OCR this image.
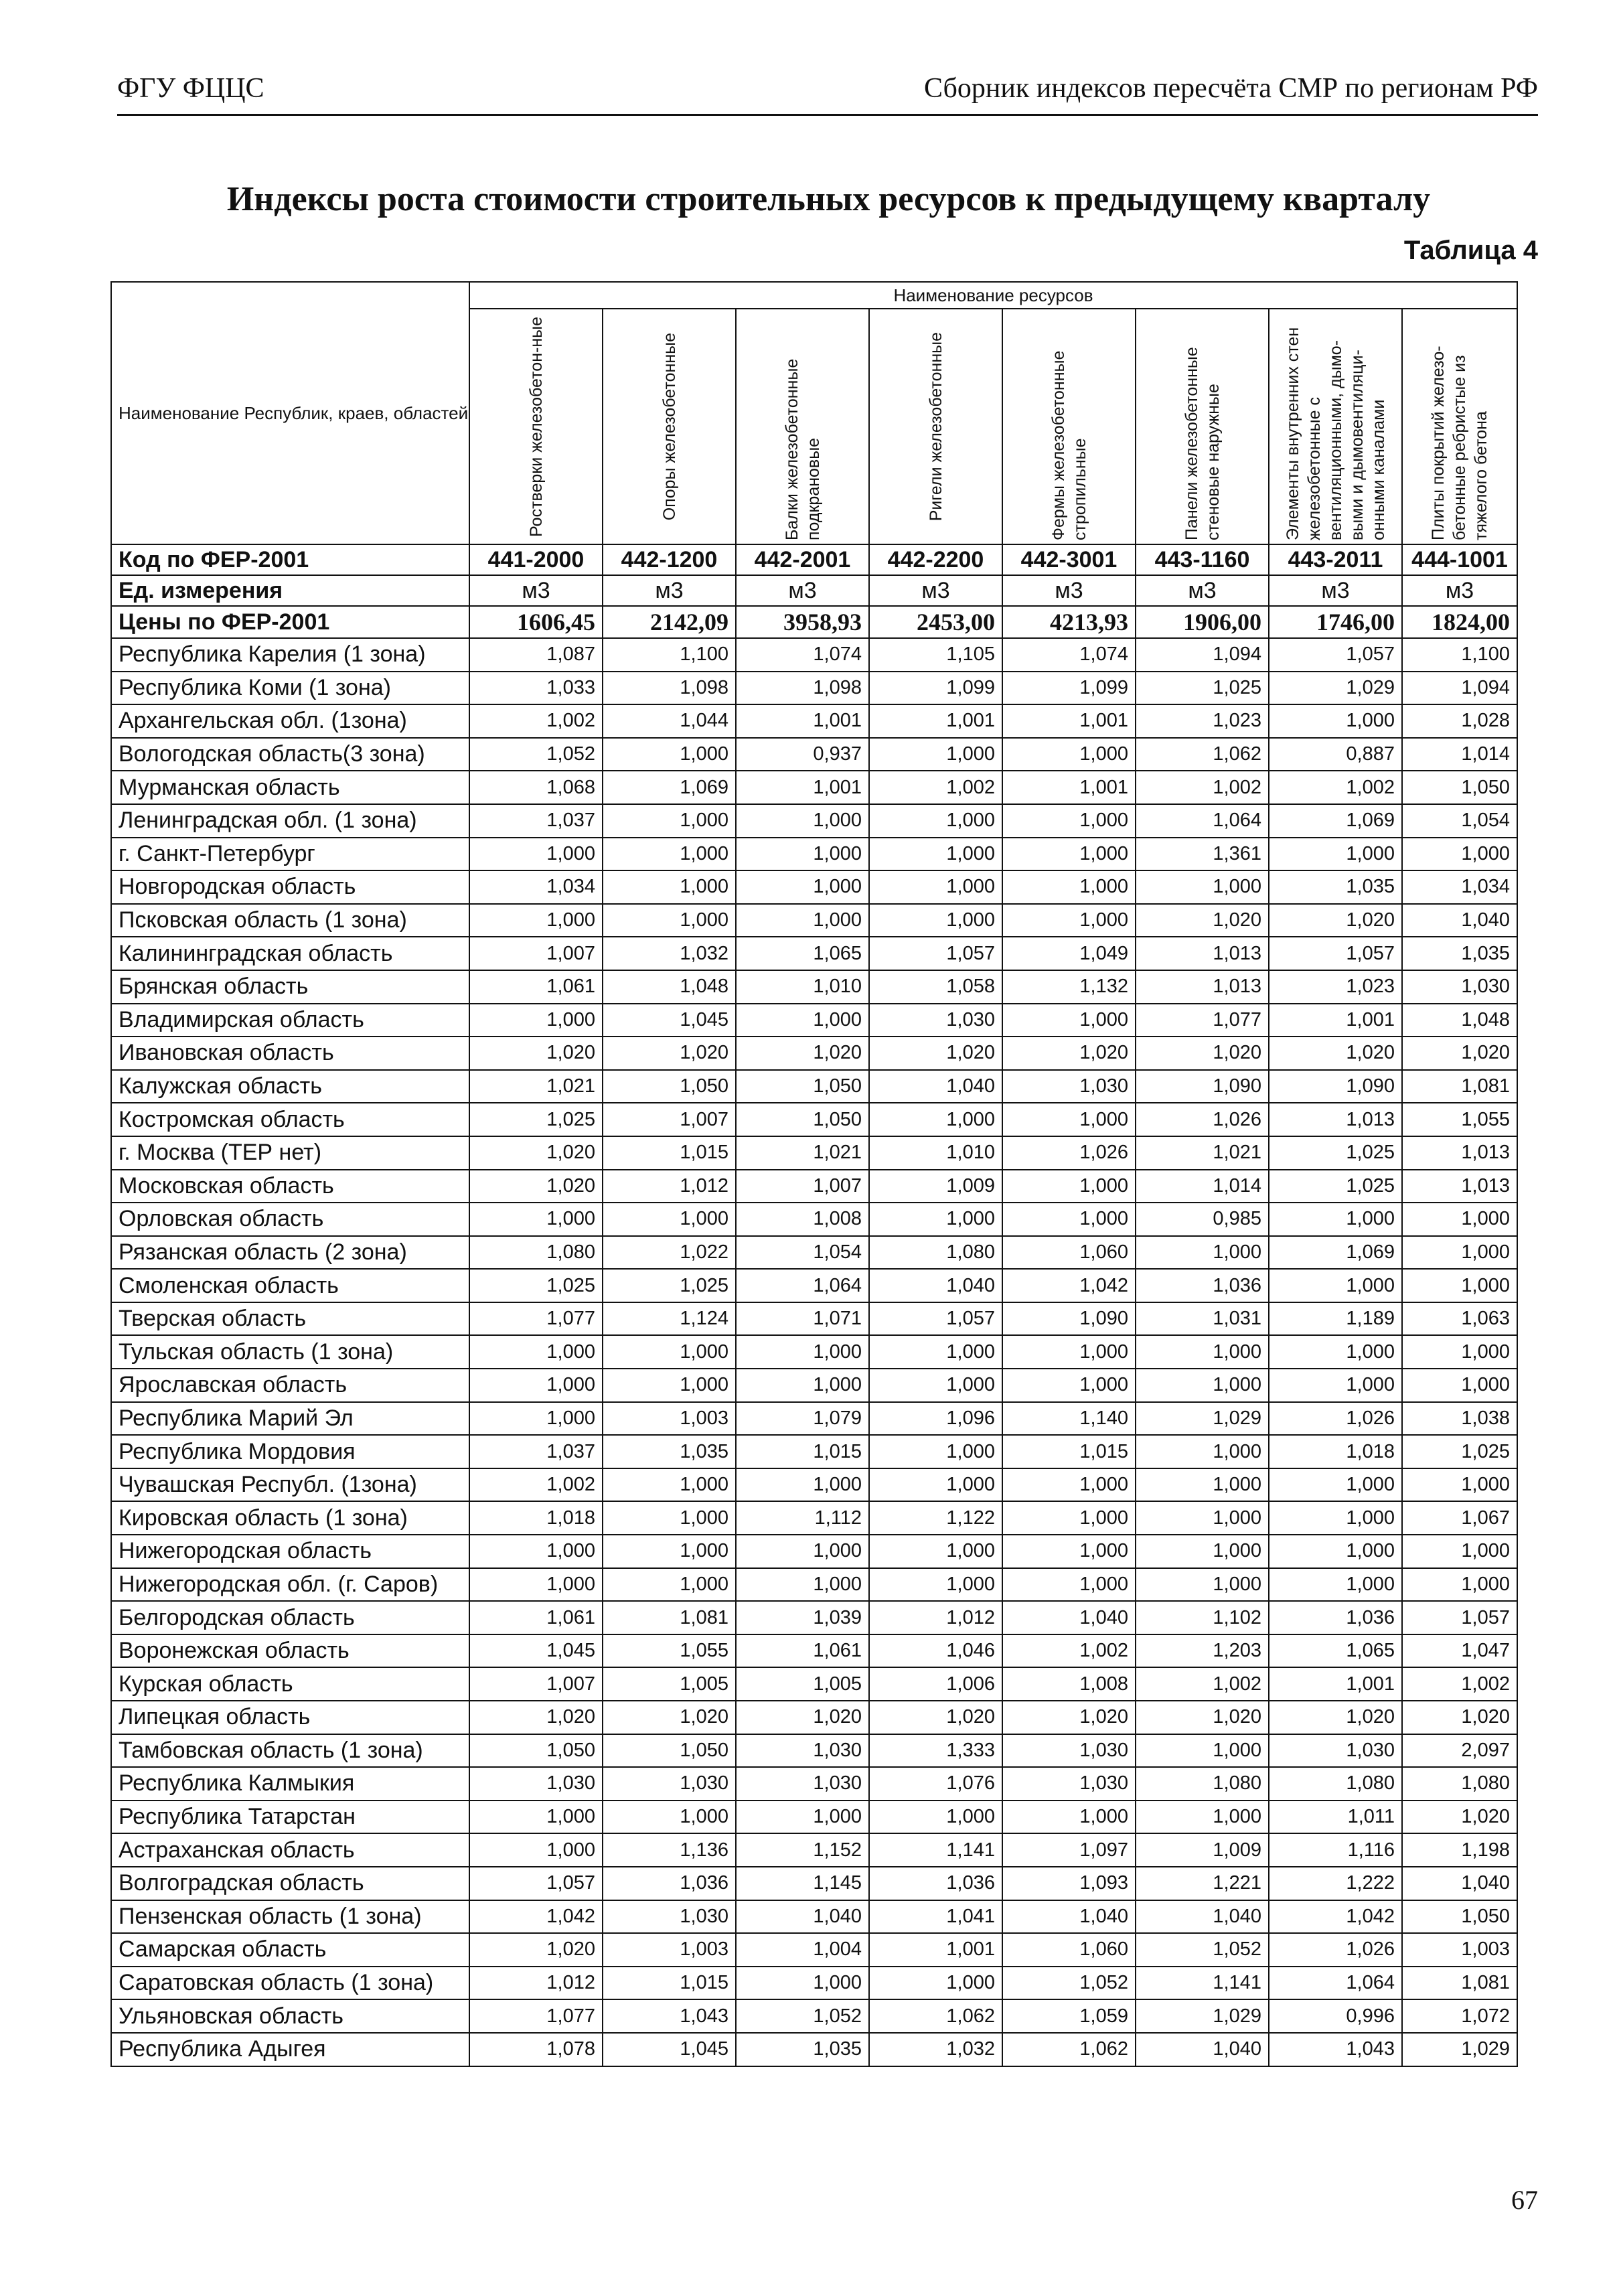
ФГУ ФЦЦС	Сборник индексов пересчёта СМР по регионам РФ
Индексы роста стоимости строительных ресурсов к предыдущему кварталу
Таблица 4
Наименование Республик, краев, областей	Наименование ресурсов							

	Ростверки железобетон-ные	Опоры железобетонные	Балки железобетонные подкрановые	Ригели железобетонные	Фермы железобетонные стропильные	Панели железобетонные стеновые наружные	Элементы внутренних стен железобетонные с вентиляционными, дымо-выми и дымовентиляци-онными каналами	Плиты покрытий железо-бетонные ребристые из тяжелого бетона

Код по ФЕР-2001	441-2000	442-1200	442-2001	442-2200	442-3001	443-1160	443-2011	444-1001
Ед. измерения	м3	м3	м3	м3	м3	м3	м3	м3
Цены по ФЕР-2001	1606,45	2142,09	3958,93	2453,00	4213,93	1906,00	1746,00	1824,00
Республика Карелия (1 зона)	1,087	1,100	1,074	1,105	1,074	1,094	1,057	1,100
Республика Коми (1 зона)	1,033	1,098	1,098	1,099	1,099	1,025	1,029	1,094
Архангельская обл. (1зона)	1,002	1,044	1,001	1,001	1,001	1,023	1,000	1,028
Вологодская область(3 зона)	1,052	1,000	0,937	1,000	1,000	1,062	0,887	1,014
Мурманская область	1,068	1,069	1,001	1,002	1,001	1,002	1,002	1,050
Ленинградская обл. (1 зона)	1,037	1,000	1,000	1,000	1,000	1,064	1,069	1,054
г. Санкт-Петербург	1,000	1,000	1,000	1,000	1,000	1,361	1,000	1,000
Новгородская область	1,034	1,000	1,000	1,000	1,000	1,000	1,035	1,034
Псковская область (1 зона)	1,000	1,000	1,000	1,000	1,000	1,020	1,020	1,040
Калининградская область	1,007	1,032	1,065	1,057	1,049	1,013	1,057	1,035
Брянская область	1,061	1,048	1,010	1,058	1,132	1,013	1,023	1,030
Владимирская область	1,000	1,045	1,000	1,030	1,000	1,077	1,001	1,048
Ивановская область	1,020	1,020	1,020	1,020	1,020	1,020	1,020	1,020
Калужская область	1,021	1,050	1,050	1,040	1,030	1,090	1,090	1,081
Костромская область	1,025	1,007	1,050	1,000	1,000	1,026	1,013	1,055
г. Москва (ТЕР нет)	1,020	1,015	1,021	1,010	1,026	1,021	1,025	1,013
Московская область	1,020	1,012	1,007	1,009	1,000	1,014	1,025	1,013
Орловская область	1,000	1,000	1,008	1,000	1,000	0,985	1,000	1,000
Рязанская область (2 зона)	1,080	1,022	1,054	1,080	1,060	1,000	1,069	1,000
Смоленская область	1,025	1,025	1,064	1,040	1,042	1,036	1,000	1,000
Тверская область	1,077	1,124	1,071	1,057	1,090	1,031	1,189	1,063
Тульская область (1 зона)	1,000	1,000	1,000	1,000	1,000	1,000	1,000	1,000
Ярославская область	1,000	1,000	1,000	1,000	1,000	1,000	1,000	1,000
Республика Марий Эл	1,000	1,003	1,079	1,096	1,140	1,029	1,026	1,038
Республика Мордовия	1,037	1,035	1,015	1,000	1,015	1,000	1,018	1,025
Чувашская Республ. (1зона)	1,002	1,000	1,000	1,000	1,000	1,000	1,000	1,000
Кировская область (1 зона)	1,018	1,000	1,112	1,122	1,000	1,000	1,000	1,067
Нижегородская область	1,000	1,000	1,000	1,000	1,000	1,000	1,000	1,000
Нижегородская обл. (г. Саров)	1,000	1,000	1,000	1,000	1,000	1,000	1,000	1,000
Белгородская область	1,061	1,081	1,039	1,012	1,040	1,102	1,036	1,057
Воронежская область	1,045	1,055	1,061	1,046	1,002	1,203	1,065	1,047
Курская область	1,007	1,005	1,005	1,006	1,008	1,002	1,001	1,002
Липецкая область	1,020	1,020	1,020	1,020	1,020	1,020	1,020	1,020
Тамбовская область (1 зона)	1,050	1,050	1,030	1,333	1,030	1,000	1,030	2,097
Республика Калмыкия	1,030	1,030	1,030	1,076	1,030	1,080	1,080	1,080
Республика Татарстан	1,000	1,000	1,000	1,000	1,000	1,000	1,011	1,020
Астраханская область	1,000	1,136	1,152	1,141	1,097	1,009	1,116	1,198
Волгоградская область	1,057	1,036	1,145	1,036	1,093	1,221	1,222	1,040
Пензенская область (1 зона)	1,042	1,030	1,040	1,041	1,040	1,040	1,042	1,050
Самарская область	1,020	1,003	1,004	1,001	1,060	1,052	1,026	1,003
Саратовская область (1 зона)	1,012	1,015	1,000	1,000	1,052	1,141	1,064	1,081
Ульяновская область	1,077	1,043	1,052	1,062	1,059	1,029	0,996	1,072
Республика Адыгея	1,078	1,045	1,035	1,032	1,062	1,040	1,043	1,029
67
